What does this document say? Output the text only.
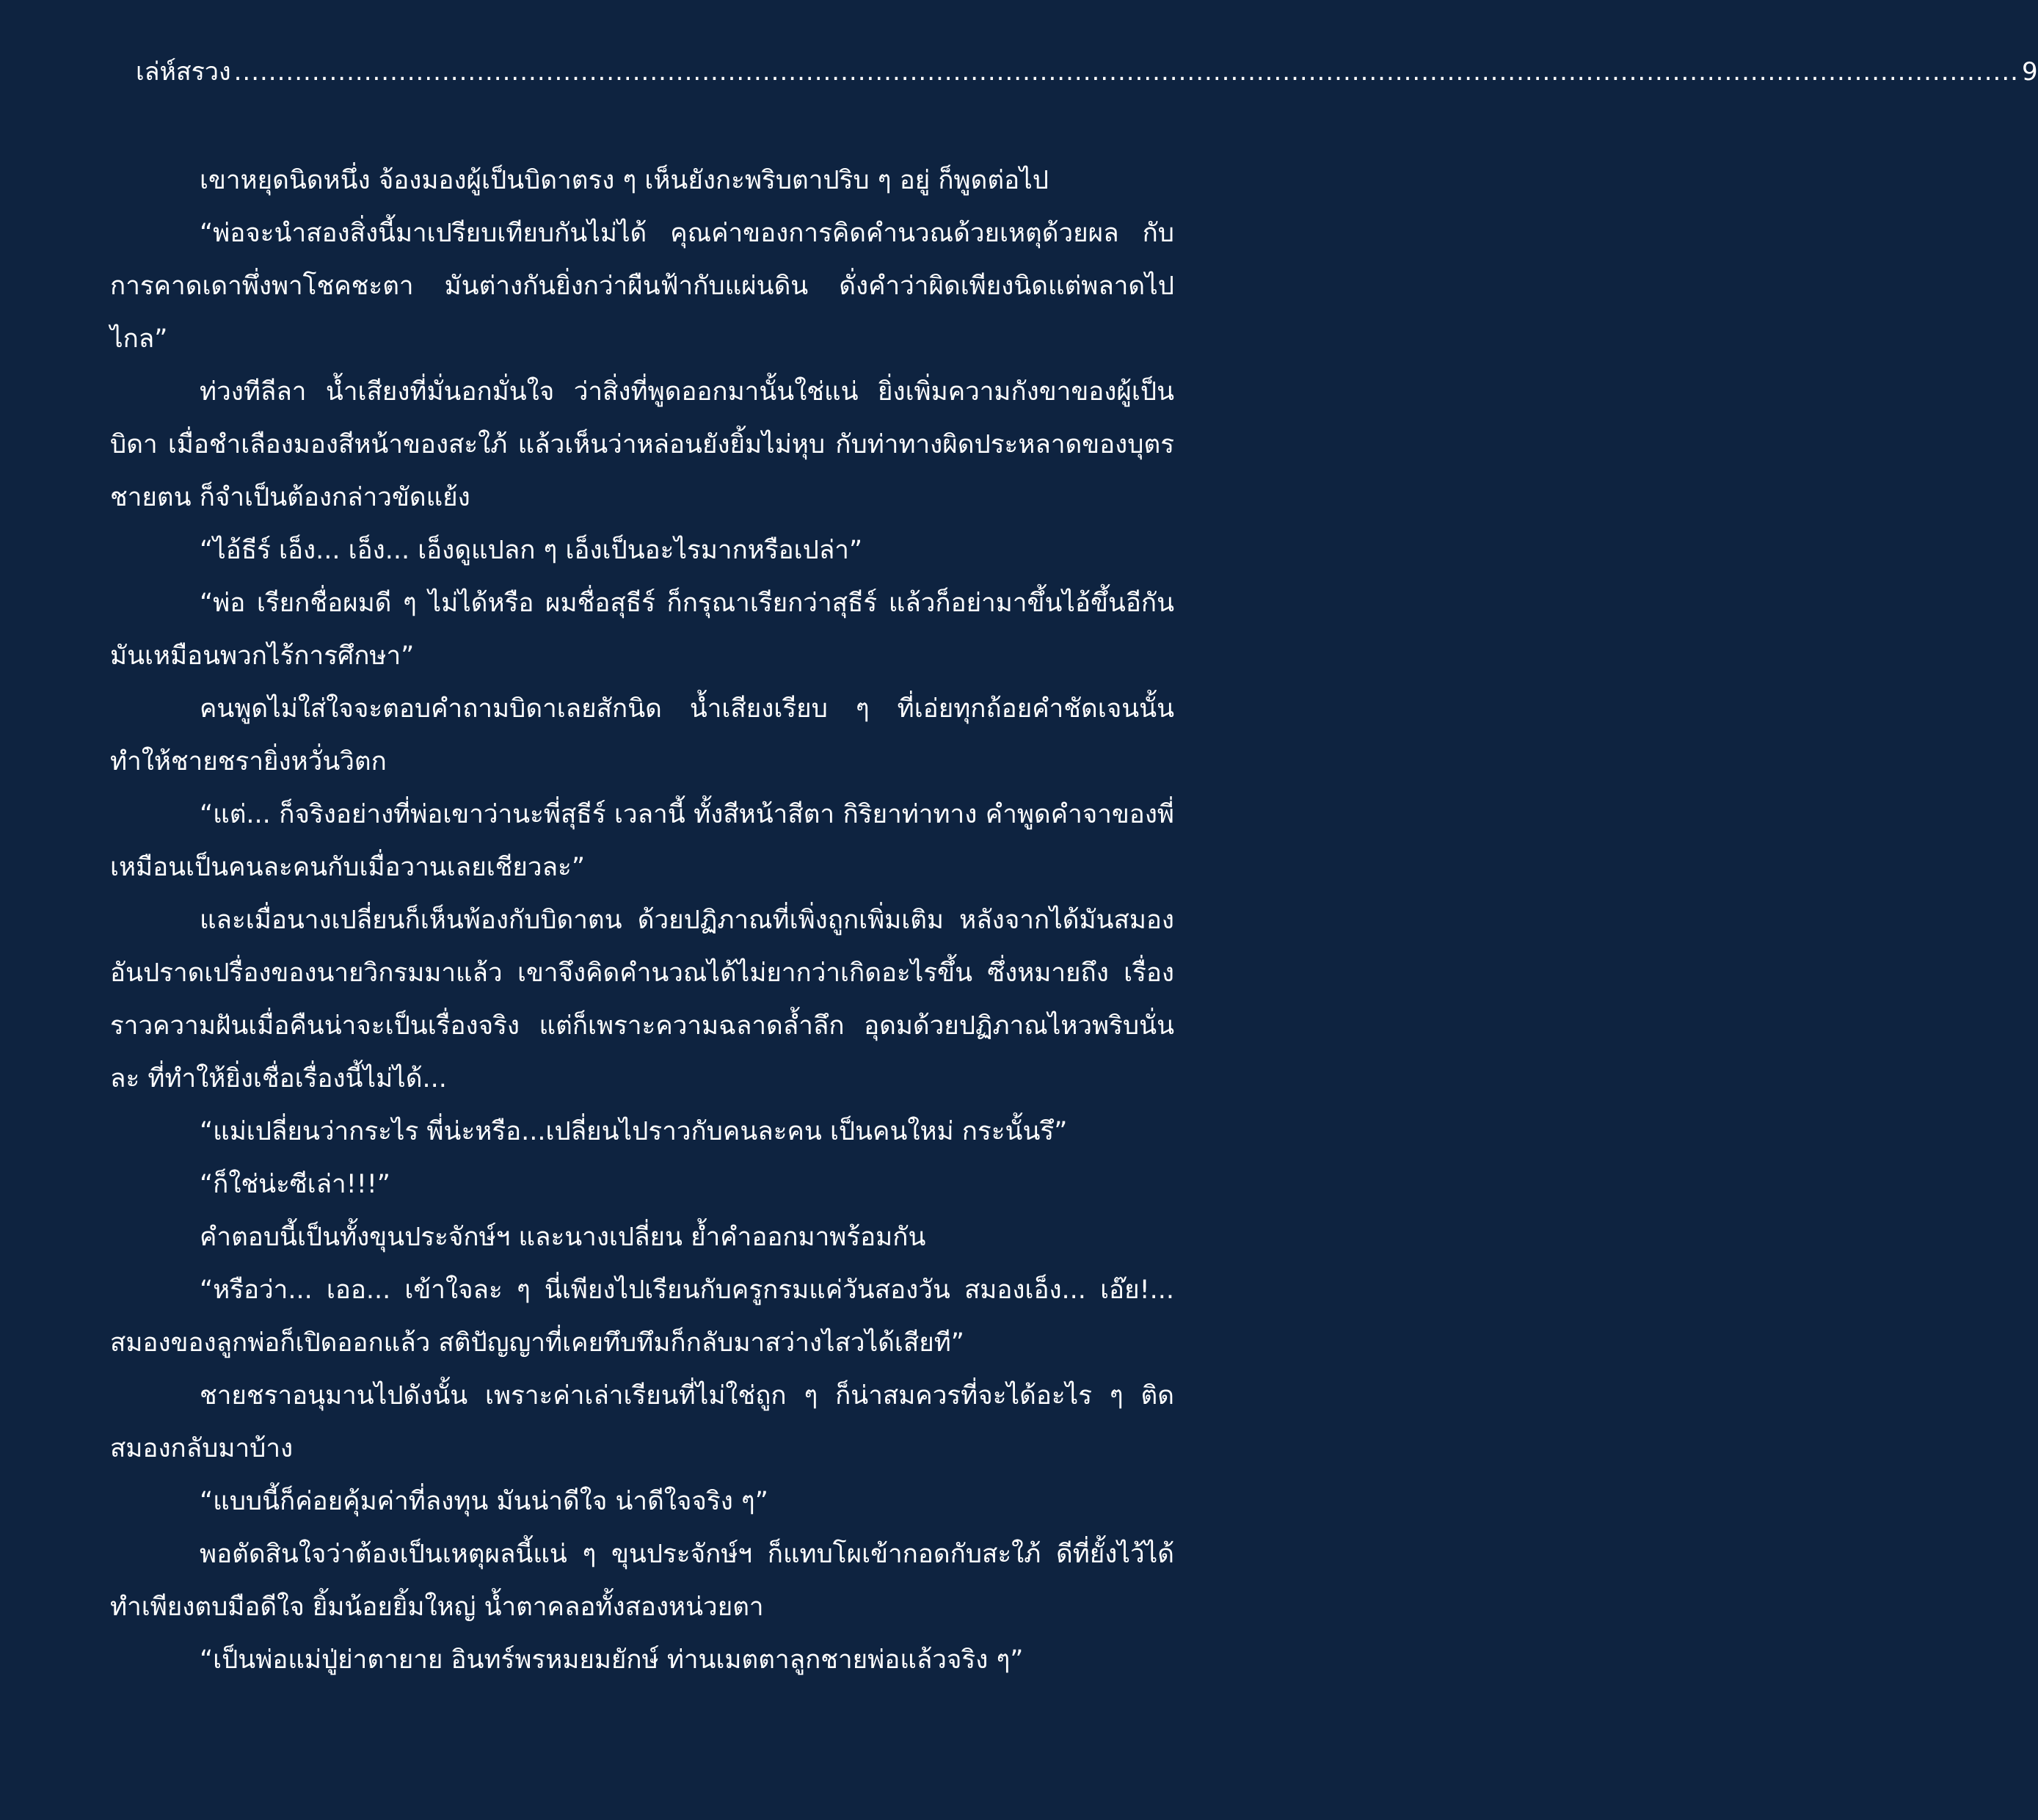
เล่ห์สรวง .............................................................................................................................................................................................................. 9

เขาหยุดนิดหนึ่ง จ้องมองผู้เป็นบิดาตรง ๆ เห็นยังกะพริบตาปริบ ๆ อยู่ ก็พูดต่อไป

“พ่อจะนำสองสิ่งนี้มาเปรียบเทียบกันไม่ได้ คุณค่าของการคิดคำนวณด้วยเหตุด้วยผล กับการคาดเดาพึ่งพาโชคชะตา มันต่างกันยิ่งกว่าผืนฟ้ากับแผ่นดิน ดั่งคำว่าผิดเพียงนิดแต่พลาดไปไกล”

ท่วงทีลีลา น้ำเสียงที่มั่นอกมั่นใจ ว่าสิ่งที่พูดออกมานั้นใช่แน่ ยิ่งเพิ่มความกังขาของผู้เป็นบิดา เมื่อชำเลืองมองสีหน้าของสะใภ้ แล้วเห็นว่าหล่อนยังยิ้มไม่หุบ กับท่าทางผิดประหลาดของบุตรชายตน ก็จำเป็นต้องกล่าวขัดแย้ง

“ไอ้ธีร์ เอ็ง... เอ็ง... เอ็งดูแปลก ๆ เอ็งเป็นอะไรมากหรือเปล่า”

“พ่อ เรียกชื่อผมดี ๆ ไม่ได้หรือ ผมชื่อสุธีร์ ก็กรุณาเรียกว่าสุธีร์ แล้วก็อย่ามาขึ้นไอ้ขึ้นอีกัน มันเหมือนพวกไร้การศึกษา”

คนพูดไม่ใส่ใจจะตอบคำถามบิดาเลยสักนิด น้ำเสียงเรียบ ๆ ที่เอ่ยทุกถ้อยคำชัดเจนนั้น ทำให้ชายชรายิ่งหวั่นวิตก

“แต่... ก็จริงอย่างที่พ่อเขาว่านะพี่สุธีร์ เวลานี้ ทั้งสีหน้าสีตา กิริยาท่าทาง คำพูดคำจาของพี่ เหมือนเป็นคนละคนกับเมื่อวานเลยเชียวละ”

และเมื่อนางเปลี่ยนก็เห็นพ้องกับบิดาตน ด้วยปฏิภาณที่เพิ่งถูกเพิ่มเติม หลังจากได้มันสมองอันปราดเปรื่องของนายวิกรมมาแล้ว เขาจึงคิดคำนวณได้ไม่ยากว่าเกิดอะไรขึ้น ซึ่งหมายถึง เรื่องราวความฝันเมื่อคืนน่าจะเป็นเรื่องจริง แต่ก็เพราะความฉลาดล้ำลึก อุดมด้วยปฏิภาณไหวพริบนั่นละ ที่ทำให้ยิ่งเชื่อเรื่องนี้ไม่ได้...

“แม่เปลี่ยนว่ากระไร พี่น่ะหรือ...เปลี่ยนไปราวกับคนละคน เป็นคนใหม่ กระนั้นรึ”

“ก็ใช่น่ะซีเล่า!!!”

คำตอบนี้เป็นทั้งขุนประจักษ์ฯ และนางเปลี่ยน ย้ำคำออกมาพร้อมกัน

“หรือว่า... เออ... เข้าใจละ ๆ นี่เพียงไปเรียนกับครูกรมแค่วันสองวัน สมองเอ็ง... เอ๊ย!... สมองของลูกพ่อก็เปิดออกแล้ว สติปัญญาที่เคยทึบทึมก็กลับมาสว่างไสวได้เสียที”

ชายชราอนุมานไปดังนั้น เพราะค่าเล่าเรียนที่ไม่ใช่ถูก ๆ ก็น่าสมควรที่จะได้อะไร ๆ ติดสมองกลับมาบ้าง

“แบบนี้ก็ค่อยคุ้มค่าที่ลงทุน มันน่าดีใจ น่าดีใจจริง ๆ”

พอตัดสินใจว่าต้องเป็นเหตุผลนี้แน่ ๆ ขุนประจักษ์ฯ ก็แทบโผเข้ากอดกับสะใภ้ ดีที่ยั้งไว้ได้ ทำเพียงตบมือดีใจ ยิ้มน้อยยิ้มใหญ่ น้ำตาคลอทั้งสองหน่วยตา

“เป็นพ่อแม่ปู่ย่าตายาย อินทร์พรหมยมยักษ์ ท่านเมตตาลูกชายพ่อแล้วจริง ๆ”
